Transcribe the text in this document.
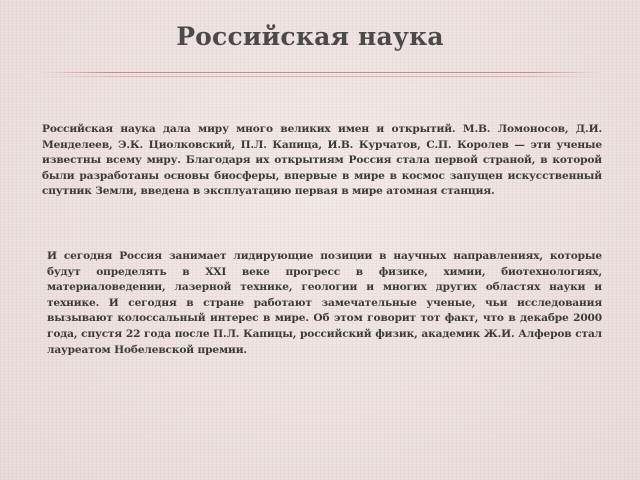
Российская наука

Российская наука дала миру много великих имен и открытий. М.В. Ломоносов, Д.И. Менделеев, Э.К. Циолковский, П.Л. Капица, И.В. Курчатов, С.П. Королев — эти ученые известны всему миру. Благодаря их открытиям Россия стала первой страной, в которой были разработаны основы биосферы, впервые в мире в космос запущен искусственный спутник Земли, введена в эксплуатацию первая в мире атомная станция.

И сегодня Россия занимает лидирующие позиции в научных направлениях, которые будут определять в XXI веке прогресс в физике, химии, биотехнологиях, материаловедении, лазерной технике, геологии и многих других областях науки и технике. И сегодня в стране работают замечательные ученые, чьи исследования вызывают колоссальный интерес в мире. Об этом говорит тот факт, что в декабре 2000 года, спустя 22 года после П.Л. Капицы, российский физик, академик Ж.И. Алферов стал лауреатом Нобелевской премии.
